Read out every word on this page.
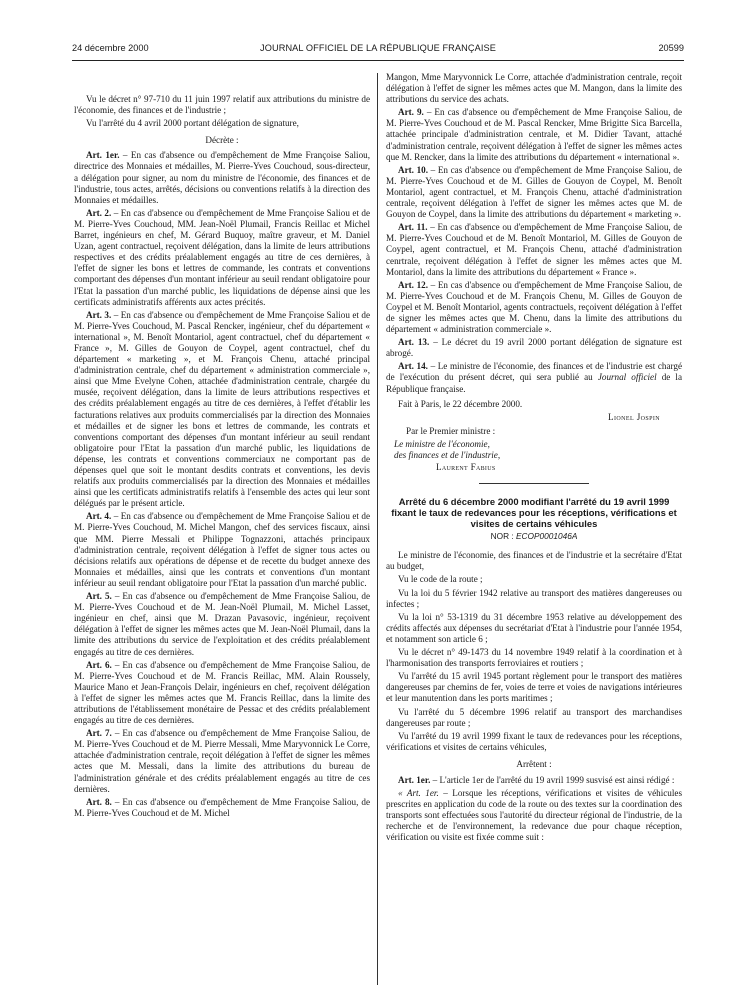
24 décembre 2000	JOURNAL OFFICIEL DE LA RÉPUBLIQUE FRANÇAISE	20599

Vu le décret n° 97-710 du 11 juin 1997 relatif aux attributions du ministre de l'économie, des finances et de l'industrie ;

Vu l'arrêté du 4 avril 2000 portant délégation de signature,

Décrète :

Art. 1er. – En cas d'absence ou d'empêchement de Mme Françoise Saliou, directrice des Monnaies et médailles, M. Pierre-Yves Couchoud, sous-directeur, a délégation pour signer, au nom du ministre de l'économie, des finances et de l'industrie, tous actes, arrêtés, décisions ou conventions relatifs à la direction des Monnaies et médailles.

Art. 2. – En cas d'absence ou d'empêchement de Mme Françoise Saliou et de M. Pierre-Yves Couchoud, MM. Jean-Noël Plumail, Francis Reillac et Michel Barret, ingénieurs en chef, M. Gérard Buquoy, maître graveur, et M. Daniel Uzan, agent contractuel, reçoivent délégation, dans la limite de leurs attributions respectives et des crédits préalablement engagés au titre de ces dernières, à l'effet de signer les bons et lettres de commande, les contrats et conventions comportant des dépenses d'un montant inférieur au seuil rendant obligatoire pour l'Etat la passation d'un marché public, les liquidations de dépense ainsi que les certificats administratifs afférents aux actes précités.

Art. 3. – En cas d'absence ou d'empêchement de Mme Françoise Saliou et de M. Pierre-Yves Couchoud, M. Pascal Rencker, ingénieur, chef du département « international », M. Benoît Montariol, agent contractuel, chef du département « France », M. Gilles de Gouyon de Coypel, agent contractuel, chef du département « marketing », et M. François Chenu, attaché principal d'administration centrale, chef du département « administration commerciale », ainsi que Mme Evelyne Cohen, attachée d'administration centrale, chargée du musée, reçoivent délégation, dans la limite de leurs attributions respectives et des crédits préalablement engagés au titre de ces dernières, à l'effet d'établir les facturations relatives aux produits commercialisés par la direction des Monnaies et médailles et de signer les bons et lettres de commande, les contrats et conventions comportant des dépenses d'un montant inférieur au seuil rendant obligatoire pour l'Etat la passation d'un marché public, les liquidations de dépense, les contrats et conventions commerciaux ne comportant pas de dépenses quel que soit le montant desdits contrats et conventions, les devis relatifs aux produits commercialisés par la direction des Monnaies et médailles ainsi que les certificats administratifs relatifs à l'ensemble des actes qui leur sont délégués par le présent article.

Art. 4. – En cas d'absence ou d'empêchement de Mme Françoise Saliou et de M. Pierre-Yves Couchoud, M. Michel Mangon, chef des services fiscaux, ainsi que MM. Pierre Messali et Philippe Tognazzoni, attachés principaux d'administration centrale, reçoivent délégation à l'effet de signer tous actes ou décisions relatifs aux opérations de dépense et de recette du budget annexe des Monnaies et médailles, ainsi que les contrats et conventions d'un montant inférieur au seuil rendant obligatoire pour l'Etat la passation d'un marché public.

Art. 5. – En cas d'absence ou d'empêchement de Mme Françoise Saliou, de M. Pierre-Yves Couchoud et de M. Jean-Noël Plumail, M. Michel Lasset, ingénieur en chef, ainsi que M. Drazan Pavasovic, ingénieur, reçoivent délégation à l'effet de signer les mêmes actes que M. Jean-Noël Plumail, dans la limite des attributions du service de l'exploitation et des crédits préalablement engagés au titre de ces dernières.

Art. 6. – En cas d'absence ou d'empêchement de Mme Françoise Saliou, de M. Pierre-Yves Couchoud et de M. Francis Reillac, MM. Alain Roussely, Maurice Mano et Jean-François Delair, ingénieurs en chef, reçoivent délégation à l'effet de signer les mêmes actes que M. Francis Reillac, dans la limite des attributions de l'établissement monétaire de Pessac et des crédits préalablement engagés au titre de ces dernières.

Art. 7. – En cas d'absence ou d'empêchement de Mme Françoise Saliou, de M. Pierre-Yves Couchoud et de M. Pierre Messali, Mme Maryvonnick Le Corre, attachée d'administration centrale, reçoit délégation à l'effet de signer les mêmes actes que M. Messali, dans la limite des attributions du bureau de l'administration générale et des crédits préalablement engagés au titre de ces dernières.

Art. 8. – En cas d'absence ou d'empêchement de Mme Françoise Saliou, de M. Pierre-Yves Couchoud et de M. Michel

Mangon, Mme Maryvonnick Le Corre, attachée d'administration centrale, reçoit délégation à l'effet de signer les mêmes actes que M. Mangon, dans la limite des attributions du service des achats.

Art. 9. – En cas d'absence ou d'empêchement de Mme Françoise Saliou, de M. Pierre-Yves Couchoud et de M. Pascal Rencker, Mme Brigitte Sica Barcella, attachée principale d'administration centrale, et M. Didier Tavant, attaché d'administration centrale, reçoivent délégation à l'effet de signer les mêmes actes que M. Rencker, dans la limite des attributions du département « international ».

Art. 10. – En cas d'absence ou d'empêchement de Mme Françoise Saliou, de M. Pierre-Yves Couchoud et de M. Gilles de Gouyon de Coypel, M. Benoît Montariol, agent contractuel, et M. François Chenu, attaché d'administration centrale, reçoivent délégation à l'effet de signer les mêmes actes que M. de Gouyon de Coypel, dans la limite des attributions du département « marketing ».

Art. 11. – En cas d'absence ou d'empêchement de Mme Françoise Saliou, de M. Pierre-Yves Couchoud et de M. Benoît Montariol, M. Gilles de Gouyon de Coypel, agent contractuel, et M. François Chenu, attaché d'administration cenrtrale, reçoivent délégation à l'effet de signer les mêmes actes que M. Montariol, dans la limite des attributions du département « France ».

Art. 12. – En cas d'absence ou d'empêchement de Mme Françoise Saliou, de M. Pierre-Yves Couchoud et de M. François Chenu, M. Gilles de Gouyon de Coypel et M. Benoît Montariol, agents contractuels, reçoivent délégation à l'effet de signer les mêmes actes que M. Chenu, dans la limite des attributions du département « administration commerciale ».

Art. 13. – Le décret du 19 avril 2000 portant délégation de signature est abrogé.

Art. 14. – Le ministre de l'économie, des finances et de l'industrie est chargé de l'exécution du présent décret, qui sera publié au Journal officiel de la République française.

Fait à Paris, le 22 décembre 2000.

Lionel Jospin

Par le Premier ministre :

Le ministre de l'économie,
des finances et de l'industrie,

Laurent Fabius

Arrêté du 6 décembre 2000 modifiant l'arrêté du 19 avril 1999 fixant le taux de redevances pour les réceptions, vérifications et visites de certains véhicules

NOR : ECOP0001046A

Le ministre de l'économie, des finances et de l'industrie et la secrétaire d'Etat au budget,

Vu le code de la route ;

Vu la loi du 5 février 1942 relative au transport des matières dangereuses ou infectes ;

Vu la loi n° 53-1319 du 31 décembre 1953 relative au développement des crédits affectés aux dépenses du secrétariat d'Etat à l'industrie pour l'année 1954, et notamment son article 6 ;

Vu le décret n° 49-1473 du 14 novembre 1949 relatif à la coordination et à l'harmonisation des transports ferroviaires et routiers ;

Vu l'arrêté du 15 avril 1945 portant règlement pour le transport des matières dangereuses par chemins de fer, voies de terre et voies de navigations intérieures et leur manutention dans les ports maritimes ;

Vu l'arrêté du 5 décembre 1996 relatif au transport des marchandises dangereuses par route ;

Vu l'arrêté du 19 avril 1999 fixant le taux de redevances pour les réceptions, vérifications et visites de certains véhicules,

Arrêtent :

Art. 1er. – L'article 1er de l'arrêté du 19 avril 1999 susvisé est ainsi rédigé :

« Art. 1er. – Lorsque les réceptions, vérifications et visites de véhicules prescrites en application du code de la route ou des textes sur la coordination des transports sont effectuées sous l'autorité du directeur régional de l'industrie, de la recherche et de l'environnement, la redevance due pour chaque réception, vérification ou visite est fixée comme suit :
